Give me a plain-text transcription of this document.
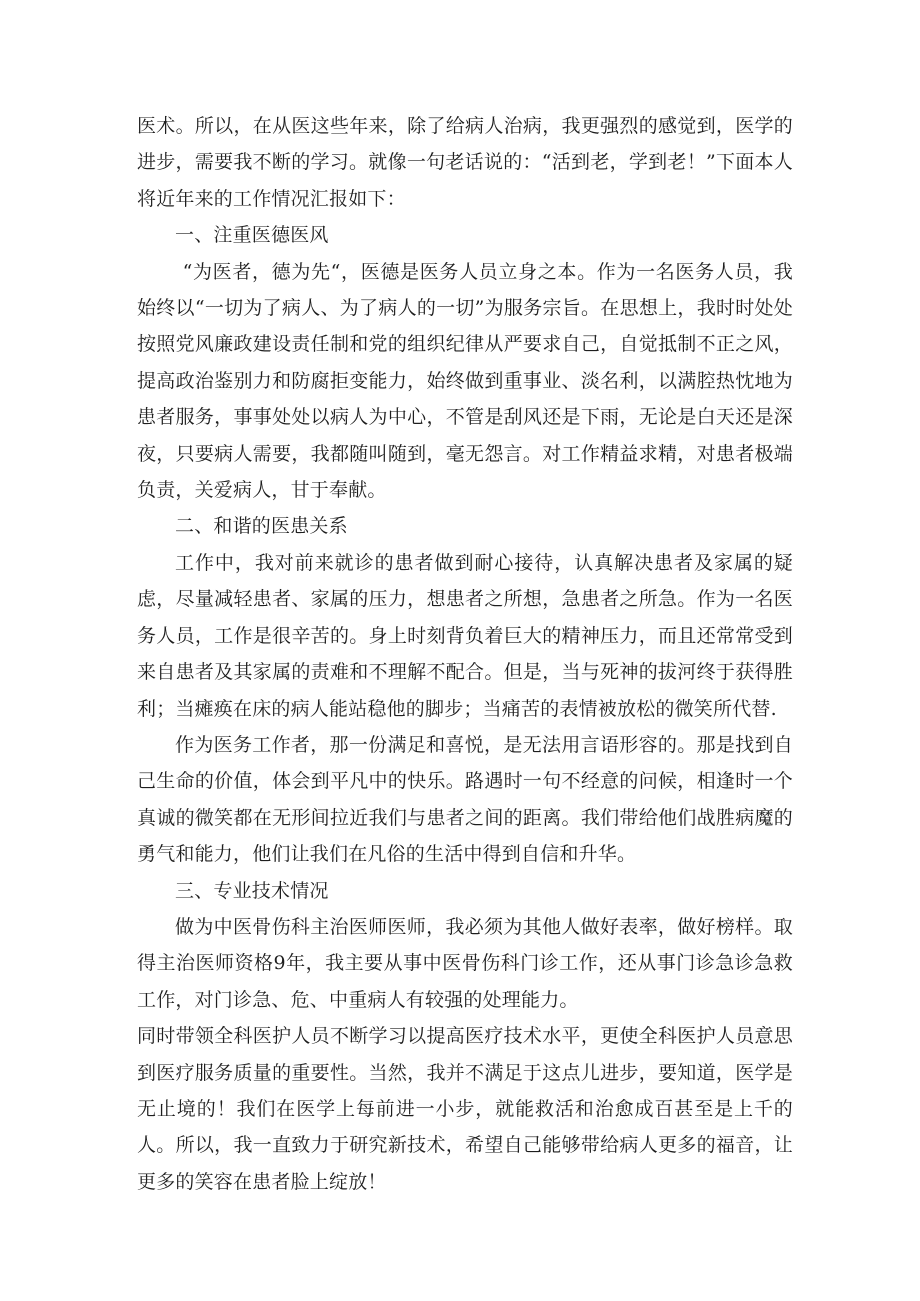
医术。所以，在从医这些年来，除了给病人治病，我更强烈的感觉到，医学的进步，需要我不断的学习。就像一句老话说的：“活到老，学到老！”下面本人将近年来的工作情况汇报如下：

一、注重医德医风

“为医者，德为先“，医德是医务人员立身之本。作为一名医务人员，我始终以“一切为了病人、为了病人的一切”为服务宗旨。在思想上，我时时处处按照党风廉政建设责任制和党的组织纪律从严要求自己，自觉抵制不正之风，提高政治鉴别力和防腐拒变能力，始终做到重事业、淡名利，以满腔热忱地为患者服务，事事处处以病人为中心，不管是刮风还是下雨，无论是白天还是深夜，只要病人需要，我都随叫随到，毫无怨言。对工作精益求精，对患者极端负责，关爱病人，甘于奉献。

二、和谐的医患关系

工作中，我对前来就诊的患者做到耐心接待，认真解决患者及家属的疑虑，尽量减轻患者、家属的压力，想患者之所想，急患者之所急。作为一名医务人员，工作是很辛苦的。身上时刻背负着巨大的精神压力，而且还常常受到来自患者及其家属的责难和不理解不配合。但是，当与死神的拔河终于获得胜利；当瘫痪在床的病人能站稳他的脚步；当痛苦的表情被放松的微笑所代替.

作为医务工作者，那一份满足和喜悦，是无法用言语形容的。那是找到自己生命的价值，体会到平凡中的快乐。路遇时一句不经意的问候，相逢时一个真诚的微笑都在无形间拉近我们与患者之间的距离。我们带给他们战胜病魔的勇气和能力，他们让我们在凡俗的生活中得到自信和升华。

三、专业技术情况

做为中医骨伤科主治医师医师，我必须为其他人做好表率，做好榜样。取得主治医师资格9年，我主要从事中医骨伤科门诊工作，还从事门诊急诊急救工作，对门诊急、危、中重病人有较强的处理能力。

同时带领全科医护人员不断学习以提高医疗技术水平，更使全科医护人员意思到医疗服务质量的重要性。当然，我并不满足于这点儿进步，要知道，医学是无止境的！我们在医学上每前进一小步，就能救活和治愈成百甚至是上千的人。所以，我一直致力于研究新技术，希望自己能够带给病人更多的福音，让更多的笑容在患者脸上绽放！
